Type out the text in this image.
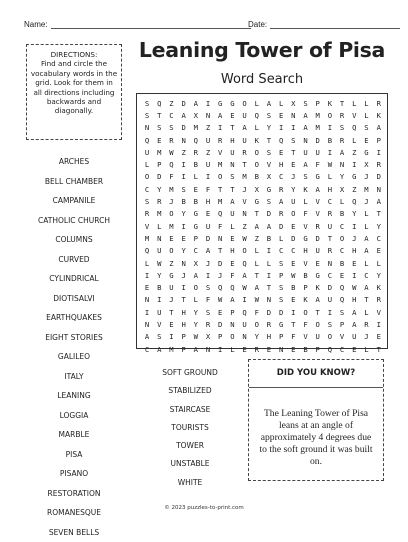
Name:	Date:
DIRECTIONS:
Find and circle the vocabulary words in the grid. Look for them in all directions including backwards and diagonally.
Leaning Tower of Pisa
Word Search
S	Q	Z	D	A	I	G	G	O	L	A	L	X	S	P	K	T	L	L	R
S	T	C	A	X	N	A	E	U	Q	S	E	N	A	M	O	R	V	L	K
N	S	S	D	M	Z	I	T	A	L	Y	I	I	A	M	I	S	Q	S	A
Q	E	R	N	Q	U	R	H	U	K	T	Q	S	N	D	B	R	L	E	P
U	M	W	Z	R	Z	V	U	R	O	S	E	T	U	U	I	A	Z	G	I
L	P	Q	I	B	U	M	N	T	O	V	H	E	A	F	W	N	I	X	R
O	D	F	I	L	I	O	S	M	B	X	C	J	S	G	L	Y	G	J	D
C	Y	M	S	E	F	T	T	J	X	G	R	Y	K	A	H	X	Z	M	N
S	R	J	B	B	H	M	A	V	G	S	A	U	L	V	C	L	Q	J	A
R	M	O	Y	G	E	Q	U	N	T	D	R	O	F	V	R	B	Y	L	T
V	L	M	I	G	U	F	L	Z	A	A	D	E	V	R	U	C	I	L	Y
M	N	E	E	P	D	N	E	W	Z	B	L	D	G	D	T	O	J	A	C
Q	U	O	Y	C	A	T	H	O	L	I	C	C	H	U	R	C	H	A	E
L	W	Z	N	X	J	D	E	Q	L	L	S	E	V	E	N	B	E	L	L
I	Y	G	J	A	I	J	F	A	T	I	P	W	B	G	C	E	I	C	Y
E	B	U	I	O	S	Q	Q	W	A	T	S	B	P	K	D	Q	W	A	K
N	I	J	T	L	F	W	A	I	W	N	S	E	K	A	U	Q	H	T	R
I	U	T	H	Y	S	E	P	Q	F	D	D	I	O	T	I	S	A	L	V
N	V	E	H	Y	R	D	N	U	O	R	G	T	F	O	S	P	A	R	I
A	S	I	P	W	X	P	O	N	Y	H	P	F	V	U	O	V	U	J	E
C	A	M	P	A	N	I	L	E	R	E	N	E	B	P	Q	C	E	L	T
ARCHES
BELL CHAMBER
CAMPANILE
CATHOLIC CHURCH
COLUMNS
CURVED
CYLINDRICAL
DIOTISALVI
EARTHQUAKES
EIGHT STORIES
GALILEO
ITALY
LEANING
LOGGIA
MARBLE
PISA
PISANO
RESTORATION
ROMANESQUE
SEVEN BELLS
SOFT GROUND
STABILIZED
STAIRCASE
TOURISTS
TOWER
UNSTABLE
WHITE
DID YOU KNOW?
The Leaning Tower of Pisa leans at an angle of approximately 4 degrees due to the soft ground it was built on.
© 2023 puzzles-to-print.com
